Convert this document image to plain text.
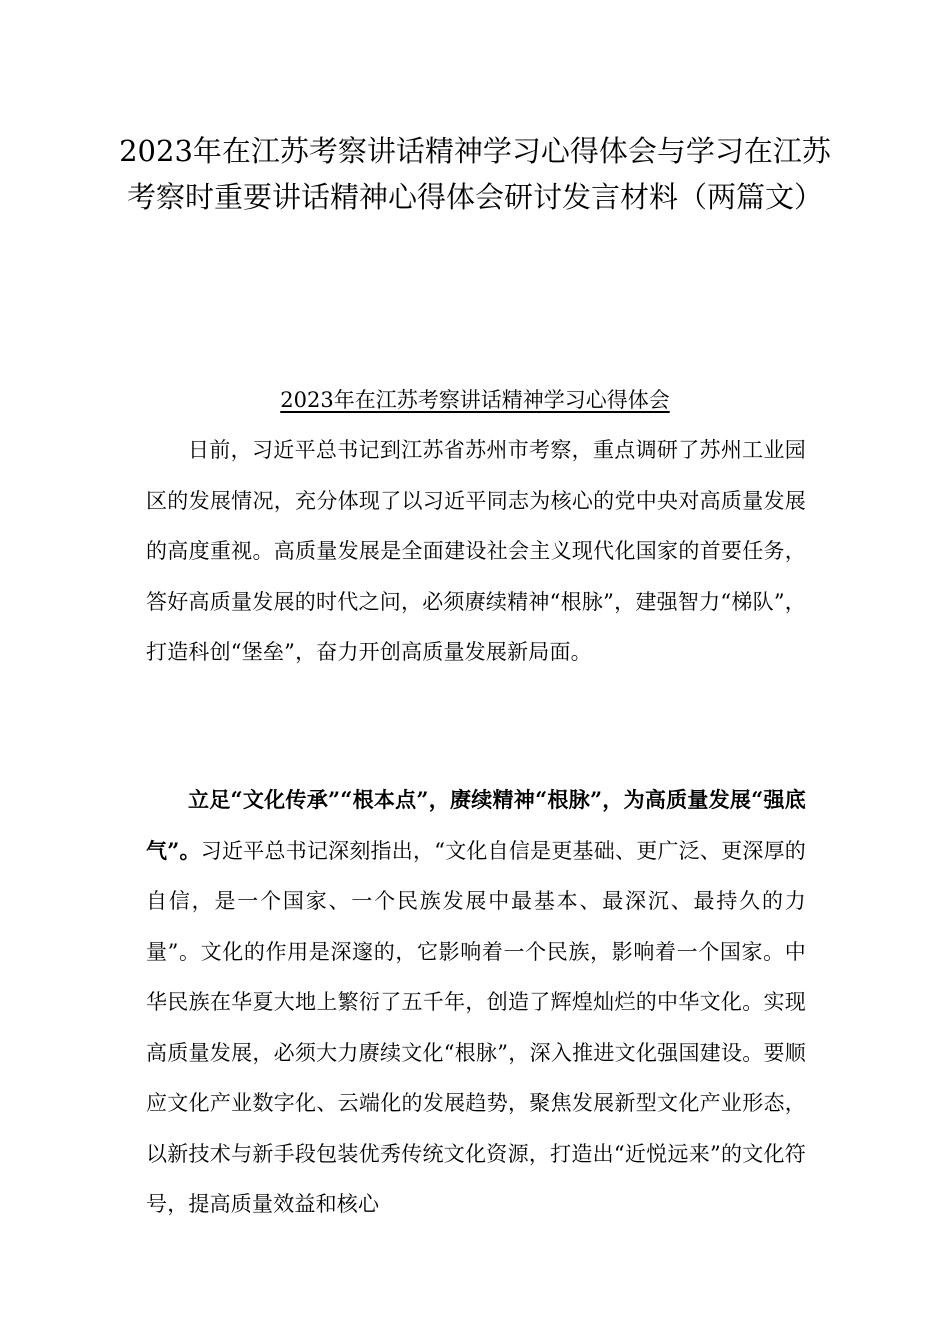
2023年在江苏考察讲话精神学习心得体会与学习在江苏考察时重要讲话精神心得体会研讨发言材料（两篇文）
2023年在江苏考察讲话精神学习心得体会

日前，习近平总书记到江苏省苏州市考察，重点调研了苏州工业园区的发展情况，充分体现了以习近平同志为核心的党中央对高质量发展的高度重视。高质量发展是全面建设社会主义现代化国家的首要任务，答好高质量发展的时代之问，必须赓续精神“根脉”，建强智力“梯队”，打造科创“堡垒”，奋力开创高质量发展新局面。

立足“文化传承”“根本点”，赓续精神“根脉”，为高质量发展“强底气”。习近平总书记深刻指出，“文化自信是更基础、更广泛、更深厚的自信，是一个国家、一个民族发展中最基本、最深沉、最持久的力量”。文化的作用是深邃的，它影响着一个民族，影响着一个国家。中华民族在华夏大地上繁衍了五千年，创造了辉煌灿烂的中华文化。实现高质量发展，必须大力赓续文化“根脉”，深入推进文化强国建设。要顺应文化产业数字化、云端化的发展趋势，聚焦发展新型文化产业形态，以新技术与新手段包装优秀传统文化资源，打造出“近悦远来”的文化符号，提高质量效益和核心
